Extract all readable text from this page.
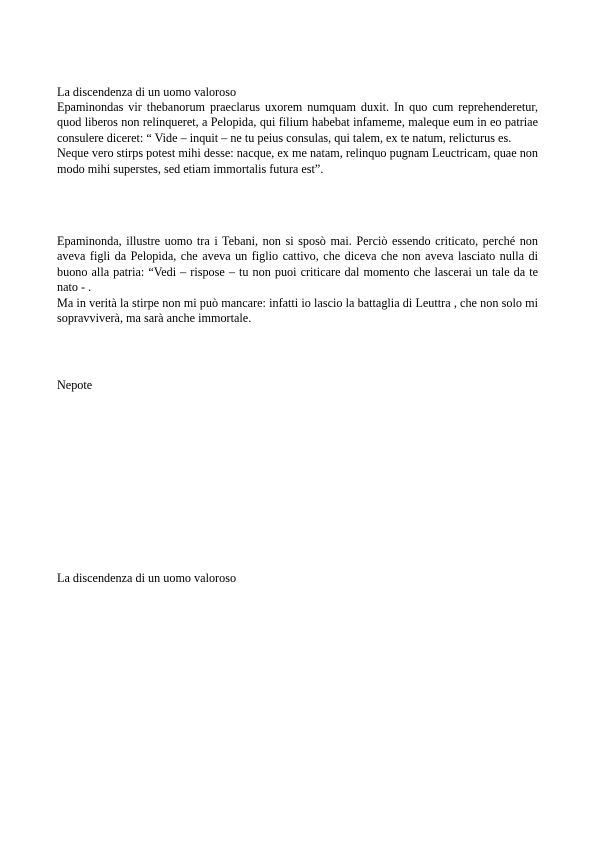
La discendenza di un uomo valoroso

Epaminondas vir thebanorum praeclarus uxorem numquam duxit. In quo cum reprehenderetur, quod liberos non relinqueret, a Pelopida, qui filium habebat infameme, maleque eum in eo patriae consulere diceret: “ Vide – inquit – ne tu peius consulas, qui talem, ex te natum, relicturus es.

Neque vero stirps potest mihi desse: nacque, ex me natam, relinquo pugnam Leuctricam, quae non modo mihi superstes, sed etiam immortalis futura est”.

Epaminonda, illustre uomo tra i Tebani, non si sposò mai. Perciò essendo criticato, perché non aveva figli da Pelopida, che aveva un figlio cattivo, che diceva che non aveva lasciato nulla di buono alla patria: “Vedi – rispose – tu non puoi criticare dal momento che lascerai un tale da te nato - .

Ma in verità la stirpe non mi può mancare: infatti io lascio la battaglia di Leuttra , che non solo mi sopravviverà, ma sarà anche immortale.

Nepote

La discendenza di un uomo valoroso
